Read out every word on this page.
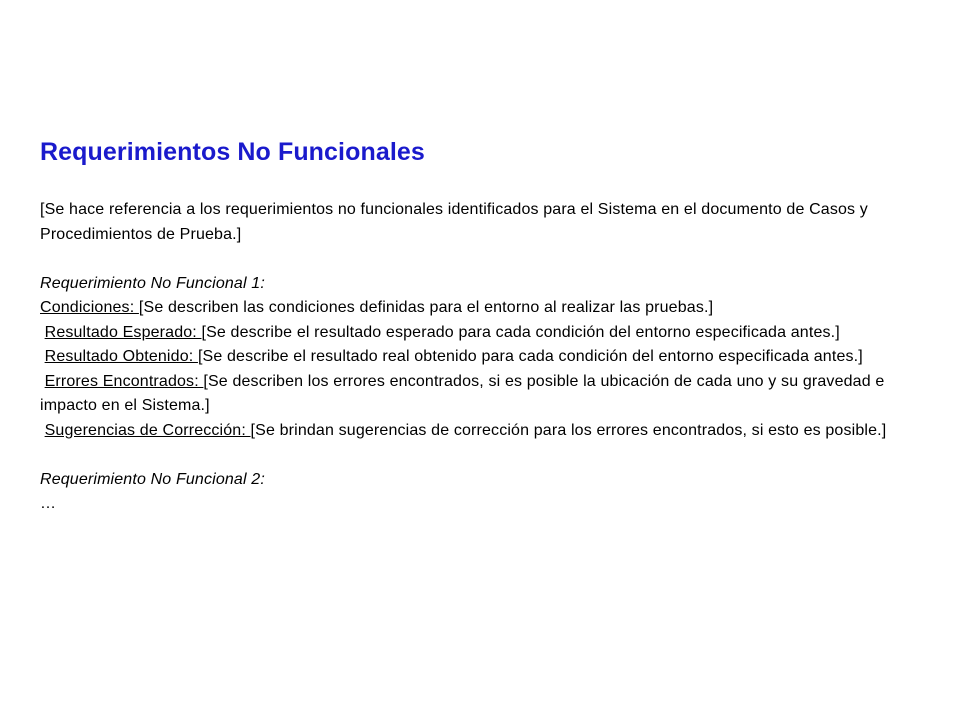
Requerimientos No Funcionales

[Se hace referencia a los requerimientos no funcionales identificados para el Sistema en el documento de Casos y Procedimientos de Prueba.]

Requerimiento No Funcional 1:

Condiciones: [Se describen las condiciones definidas para el entorno al realizar las pruebas.]

Resultado Esperado: [Se describe el resultado esperado para cada condición del entorno especificada antes.]

Resultado Obtenido: [Se describe el resultado real obtenido para cada condición del entorno especificada antes.]

Errores Encontrados: [Se describen los errores encontrados, si es posible la ubicación de cada uno y su gravedad e impacto en el Sistema.]

Sugerencias de Corrección: [Se brindan sugerencias de corrección para los errores encontrados, si esto es posible.]

Requerimiento No Funcional 2:

…
